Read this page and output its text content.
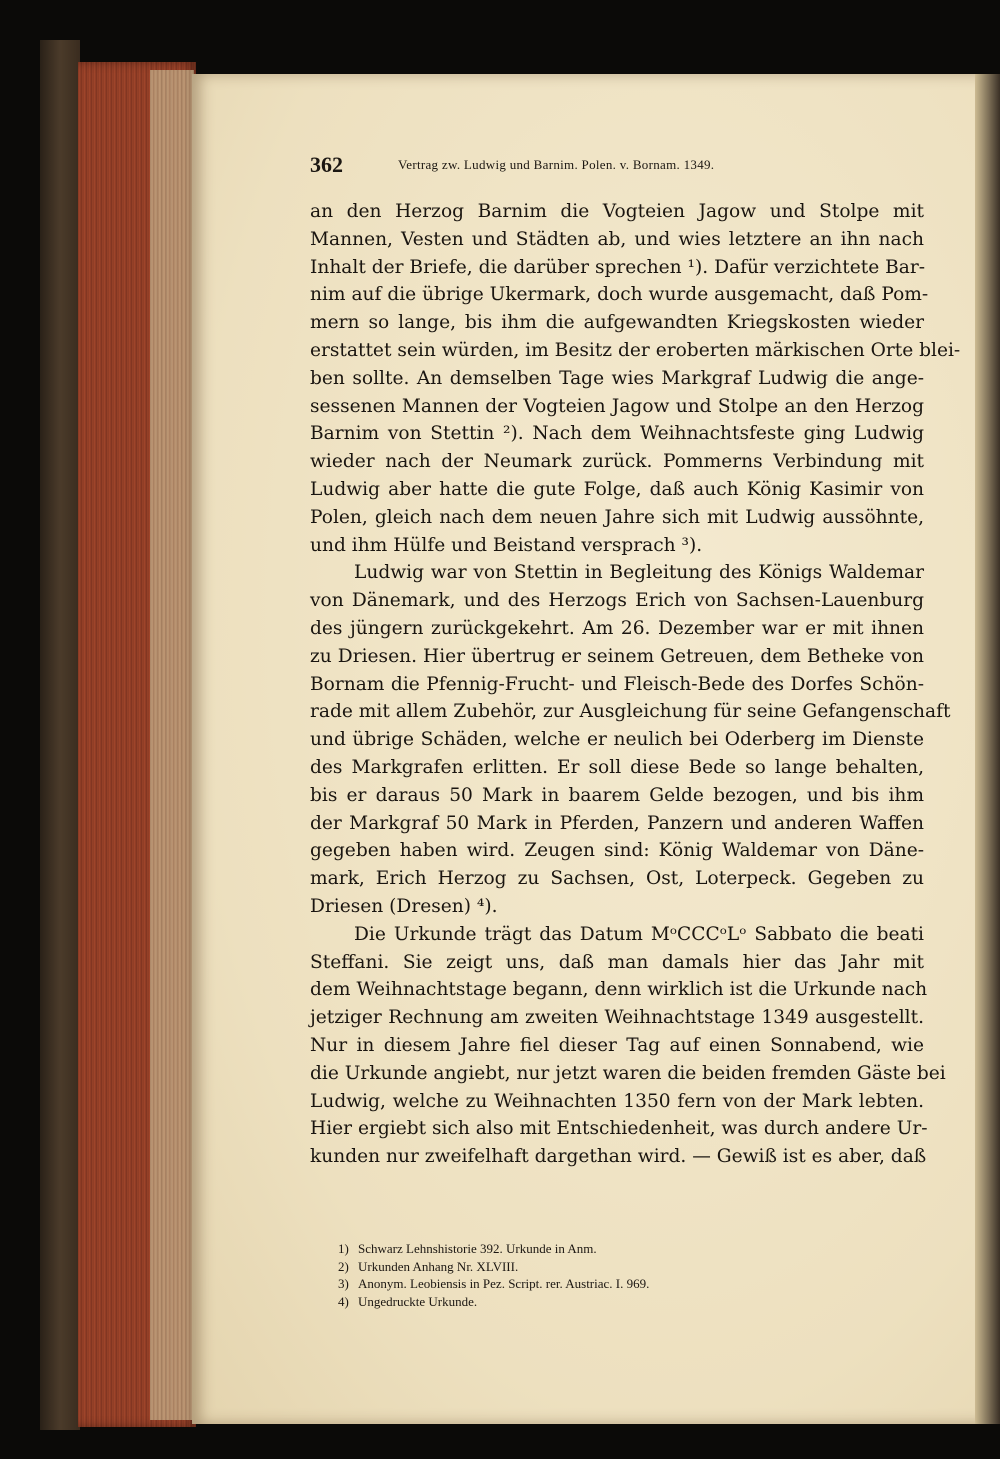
362	Vertrag zw. Ludwig und Barnim. Polen. v. Bornam. 1349.

an den Herzog Barnim die Vogteien Jagow und Stolpe mit
Mannen, Vesten und Städten ab, und wies letztere an ihn nach
Inhalt der Briefe, die darüber sprechen ¹). Dafür verzichtete Bar-
nim auf die übrige Ukermark, doch wurde ausgemacht, daß Pom-
mern so lange, bis ihm die aufgewandten Kriegskosten wieder
erstattet sein würden, im Besitz der eroberten märkischen Orte blei-
ben sollte. An demselben Tage wies Markgraf Ludwig die ange-
sessenen Mannen der Vogteien Jagow und Stolpe an den Herzog
Barnim von Stettin ²). Nach dem Weihnachtsfeste ging Ludwig
wieder nach der Neumark zurück. Pommerns Verbindung mit
Ludwig aber hatte die gute Folge, daß auch König Kasimir von
Polen, gleich nach dem neuen Jahre sich mit Ludwig aussöhnte,
und ihm Hülfe und Beistand versprach ³).

Ludwig war von Stettin in Begleitung des Königs Waldemar
von Dänemark, und des Herzogs Erich von Sachsen-Lauenburg
des jüngern zurückgekehrt. Am 26. Dezember war er mit ihnen
zu Driesen. Hier übertrug er seinem Getreuen, dem Betheke von
Bornam die Pfennig-Frucht- und Fleisch-Bede des Dorfes Schön-
rade mit allem Zubehör, zur Ausgleichung für seine Gefangenschaft
und übrige Schäden, welche er neulich bei Oderberg im Dienste
des Markgrafen erlitten. Er soll diese Bede so lange behalten,
bis er daraus 50 Mark in baarem Gelde bezogen, und bis ihm
der Markgraf 50 Mark in Pferden, Panzern und anderen Waffen
gegeben haben wird. Zeugen sind: König Waldemar von Däne-
mark, Erich Herzog zu Sachsen, Ost, Loterpeck. Gegeben zu
Driesen (Dresen) ⁴).

Die Urkunde trägt das Datum MᵒCCCᵒLᵒ Sabbato die beati
Steffani. Sie zeigt uns, daß man damals hier das Jahr mit
dem Weihnachtstage begann, denn wirklich ist die Urkunde nach
jetziger Rechnung am zweiten Weihnachtstage 1349 ausgestellt.
Nur in diesem Jahre fiel dieser Tag auf einen Sonnabend, wie
die Urkunde angiebt, nur jetzt waren die beiden fremden Gäste bei
Ludwig, welche zu Weihnachten 1350 fern von der Mark lebten.
Hier ergiebt sich also mit Entschiedenheit, was durch andere Ur-
kunden nur zweifelhaft dargethan wird. — Gewiß ist es aber, daß

1) Schwarz Lehnshistorie 392. Urkunde in Anm.
2) Urkunden Anhang Nr. XLVIII.
3) Anonym. Leobiensis in Pez. Script. rer. Austriac. I. 969.
4) Ungedruckte Urkunde.
